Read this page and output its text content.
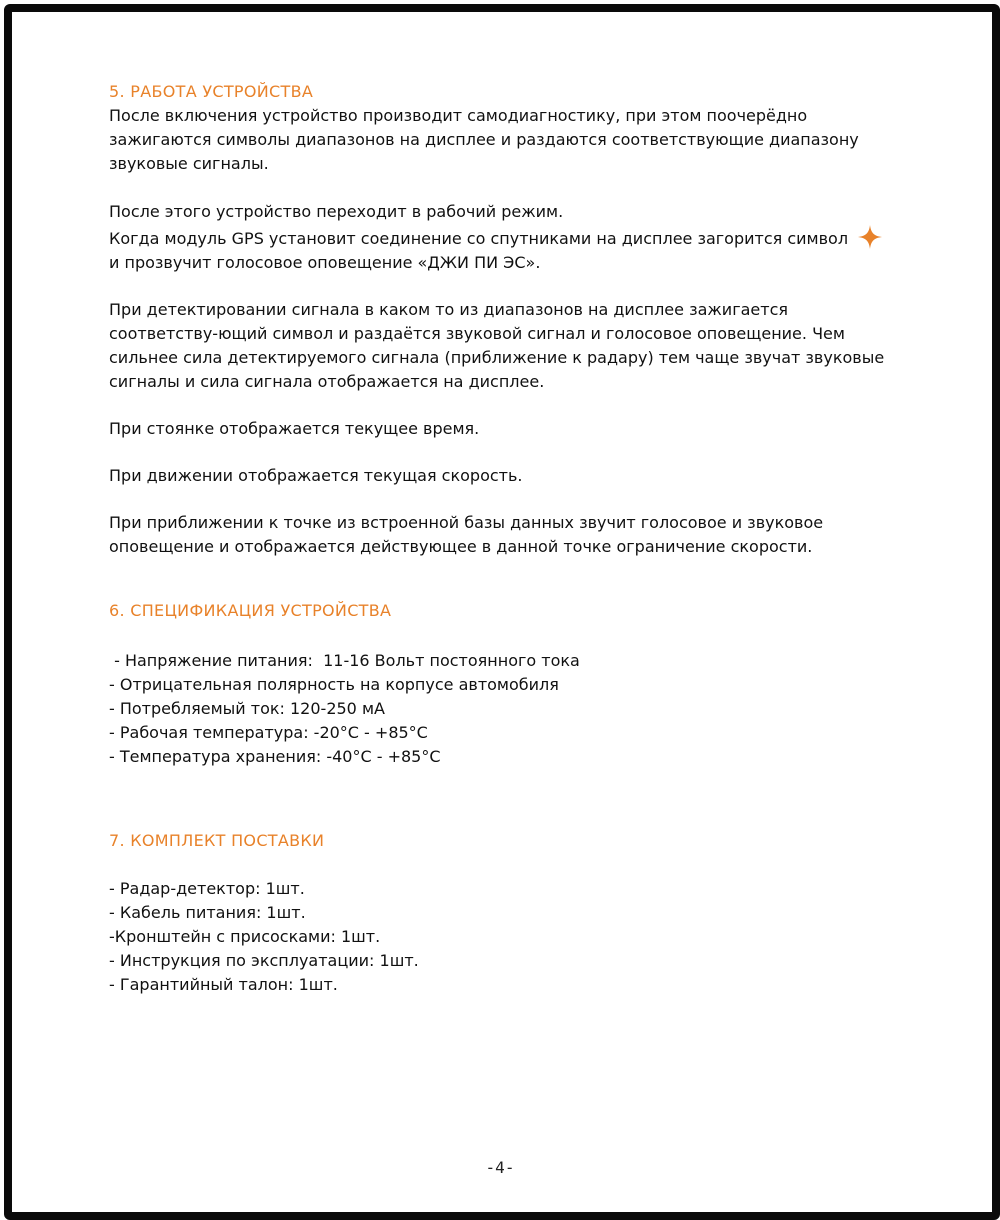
5. РАБОТА УСТРОЙСТВА

После включения устройство производит самодиагностику, при этом поочерёдно зажигаются символы диапазонов на дисплее и раздаются соответствующие диапазону звуковые сигналы.

После этого устройство переходит в рабочий режим.

Когда модуль GPS установит соединение со спутниками на дисплее загорится символ

и прозвучит голосовое оповещение «ДЖИ ПИ ЭС».

При детектировании сигнала в каком то из диапазонов на дисплее зажигается соответству-ющий символ и раздаётся звуковой сигнал и голосовое оповещение. Чем сильнее сила детектируемого сигнала (приближение к радару) тем чаще звучат звуковые сигналы и сила сигнала отображается на дисплее.

При стоянке отображается текущее время.

При движении отображается текущая скорость.

При приближении к точке из встроенной базы данных звучит голосовое и звуковое оповещение и отображается действующее в данной точке ограничение скорости.

6. СПЕЦИФИКАЦИЯ УСТРОЙСТВА
- Напряжение питания:  11-16 Вольт постоянного тока
- Отрицательная полярность на корпусе автомобиля
- Потребляемый ток: 120-250 мА
- Рабочая температура: -20°С - +85°С
- Температура хранения: -40°С - +85°С
7. КОМПЛЕКТ ПОСТАВКИ
- Радар-детектор: 1шт.
- Кабель питания: 1шт.
-Кронштейн с присосками: 1шт.
- Инструкция по эксплуатации: 1шт.
- Гарантийный талон: 1шт.
-4-
